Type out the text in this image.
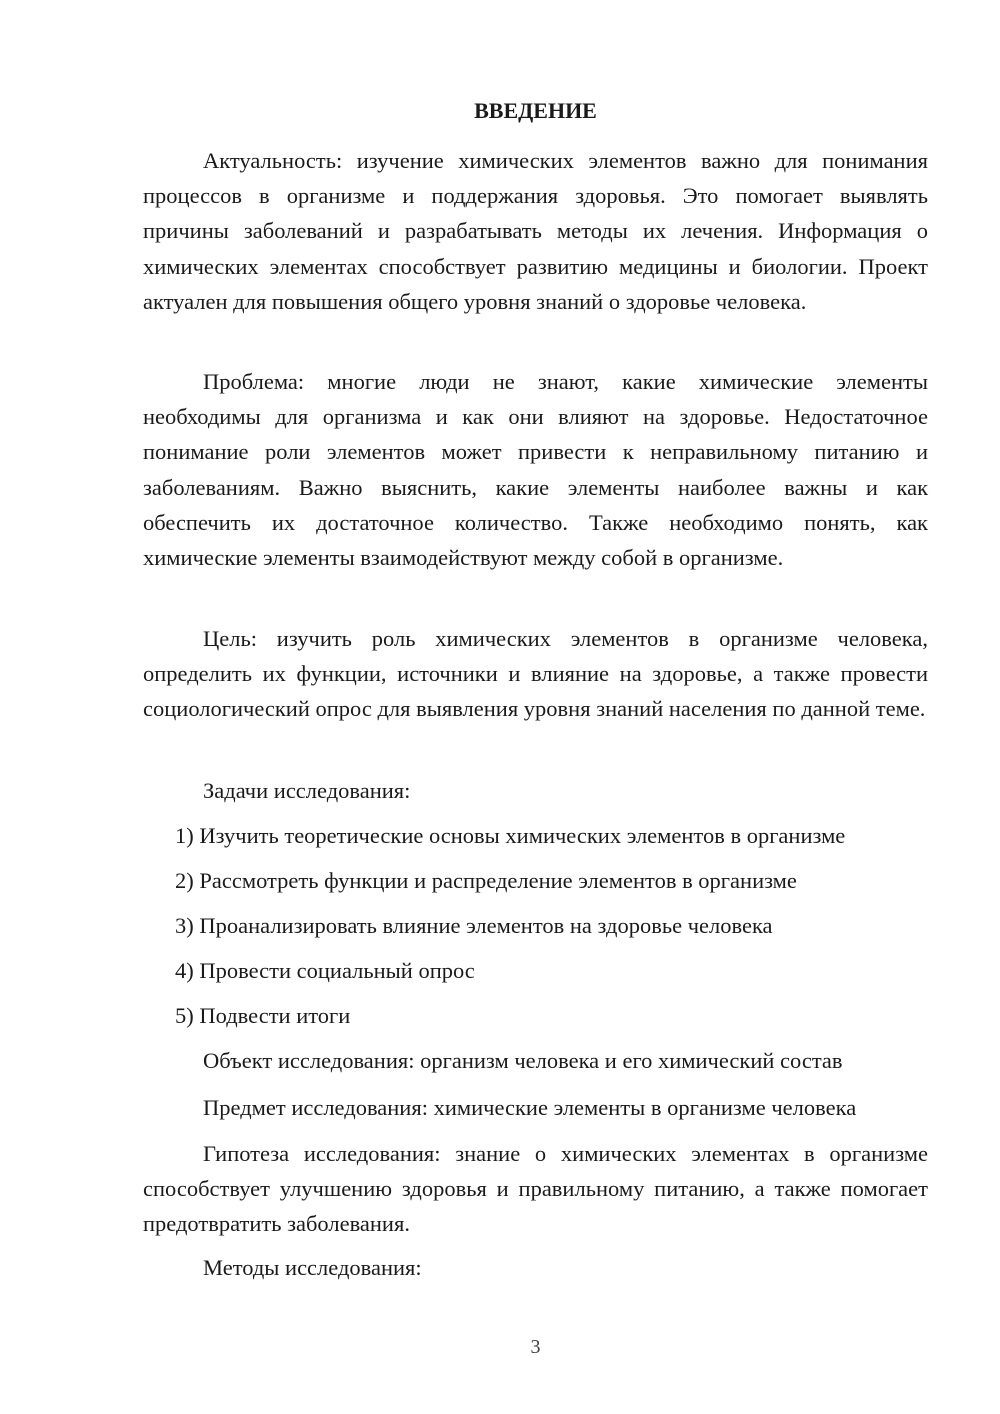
ВВЕДЕНИЕ

Актуальность: изучение химических элементов важно для понимания процессов в организме и поддержания здоровья. Это помогает выявлять причины заболеваний и разрабатывать методы их лечения. Информация о химических элементах способствует развитию медицины и биологии. Проект актуален для повышения общего уровня знаний о здоровье человека.

Проблема: многие люди не знают, какие химические элементы необходимы для организма и как они влияют на здоровье. Недостаточное понимание роли элементов может привести к неправильному питанию и заболеваниям. Важно выяснить, какие элементы наиболее важны и как обеспечить их достаточное количество. Также необходимо понять, как химические элементы взаимодействуют между собой в организме.

Цель: изучить роль химических элементов в организме человека, определить их функции, источники и влияние на здоровье, а также провести социологический опрос для выявления уровня знаний населения по данной теме.

Задачи исследования:
1) Изучить теоретические основы химических элементов в организме
2) Рассмотреть функции и распределение элементов в организме
3) Проанализировать влияние элементов на здоровье человека
4) Провести социальный опрос
5) Подвести итоги
Объект исследования: организм человека и его химический состав
Предмет исследования: химические элементы в организме человека

Гипотеза исследования: знание о химических элементах в организме способствует улучшению здоровья и правильному питанию, а также помогает предотвратить заболевания.

Методы исследования:
3
